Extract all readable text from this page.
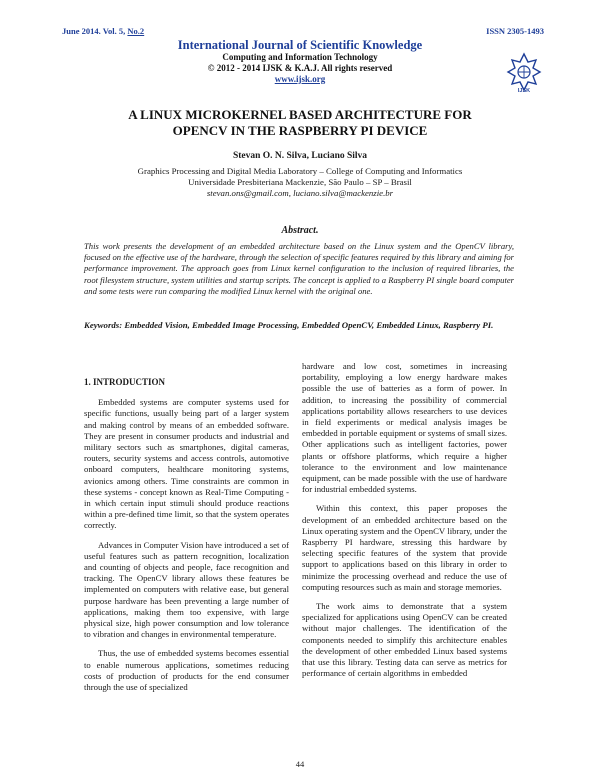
June 2014. Vol. 5, No.2	ISSN 2305-1493
International Journal of Scientific Knowledge
Computing and Information Technology
© 2012 - 2014 IJSK & K.A.J. All rights reserved
www.ijsk.org
IJSK
A LINUX MICROKERNEL BASED ARCHITECTURE FOR
OPENCV IN THE RASPBERRY PI DEVICE
Stevan O. N. Silva, Luciano Silva
Graphics Processing and Digital Media Laboratory – College of Computing and Informatics
Universidade Presbiteriana Mackenzie, São Paulo – SP – Brasil
stevan.ons@gmail.com, luciano.silva@mackenzie.br
Abstract.
This work presents the development of an embedded architecture based on the Linux system and the OpenCV library, focused on the effective use of the hardware, through the selection of specific features required by this library and aiming for performance improvement. The approach goes from Linux kernel configuration to the inclusion of required libraries, the root filesystem structure, system utilities and startup scripts. The concept is applied to a Raspberry PI single board computer and some tests were run comparing the modified Linux kernel with the original one.
Keywords: Embedded Vision, Embedded Image Processing, Embedded OpenCV, Embedded Linux, Raspberry PI.
1. INTRODUCTION

Embedded systems are computer systems used for specific functions, usually being part of a larger system and making control by means of an embedded software. They are present in consumer products and industrial and military sectors such as smartphones, digital cameras, routers, security systems and access controls, automotive onboard computers, healthcare monitoring systems, avionics among others. Time constraints are common in these systems - concept known as Real-Time Computing - in which certain input stimuli should produce reactions within a pre-defined time limit, so that the system operates correctly.

Advances in Computer Vision have introduced a set of useful features such as pattern recognition, localization and counting of objects and people, face recognition and tracking. The OpenCV library allows these features be implemented on computers with relative ease, but general purpose hardware has been preventing a large number of applications, making them too expensive, with large physical size, high power consumption and low tolerance to vibration and changes in environmental temperature.

Thus, the use of embedded systems becomes essential to enable numerous applications, sometimes reducing costs of production of products for the end consumer through the use of specialized

hardware and low cost, sometimes in increasing portability, employing a low energy hardware makes possible the use of batteries as a form of power. In addition, to increasing the possibility of commercial applications portability allows researchers to use devices in field experiments or medical analysis images be embedded in portable equipment or systems of small sizes. Other applications such as intelligent factories, power plants or offshore platforms, which require a higher tolerance to the environment and low maintenance equipment, can be made possible with the use of hardware for industrial embedded systems.

Within this context, this paper proposes the development of an embedded architecture based on the Linux operating system and the OpenCV library, under the Raspberry PI hardware, stressing this hardware by selecting specific features of the system that provide support to applications based on this library in order to minimize the processing overhead and reduce the use of computing resources such as main and storage memories.

The work aims to demonstrate that a system specialized for applications using OpenCV can be created without major challenges. The identification of the components needed to simplify this architecture enables the development of other embedded Linux based systems that use this library. Testing data can serve as metrics for performance of certain algorithms in embedded

44
